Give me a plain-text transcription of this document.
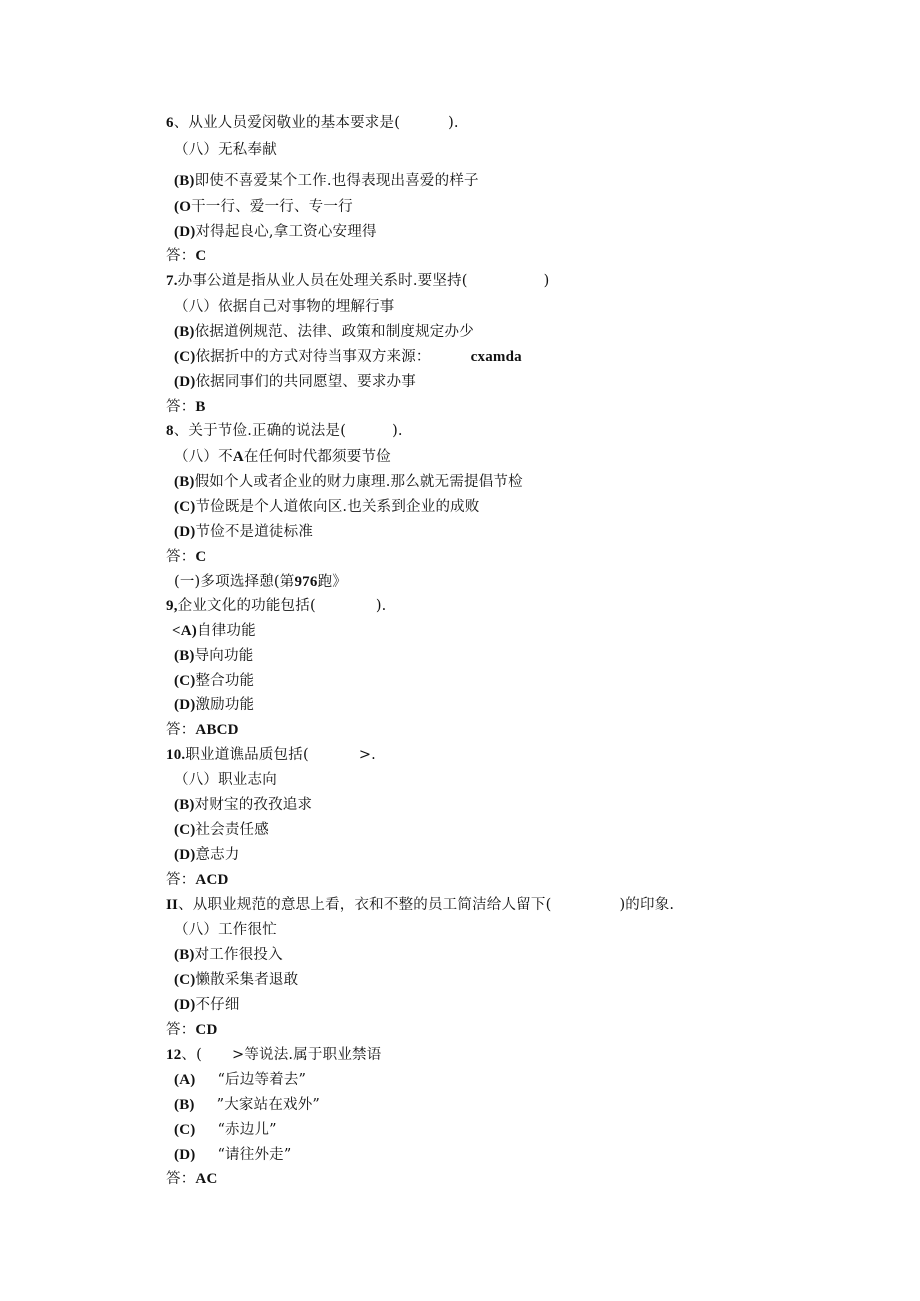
6、从业人员爱闵敬业的基本要求是(	).
（八）无私奉献
(B)即使不喜爱某个工作.也得表现出喜爱的样子
(O干一行、爱一行、专一行
(D)对得起良心,拿工资心安理得
答：C
7.办事公道是指从业人员在处理关系时.要坚持(	)
（八）依据自己对事物的埋解行事
(B)依据道例规范、法律、政策和制度规定办少
(C)依据折中的方式对待当事双方来源：	cxamda
(D)依据同事们的共同愿望、要求办事
答：B
8、关于节俭.正确的说法是(	).
（八）不A在任何时代都须要节俭
(B)假如个人或者企业的财力康理.那么就无需提倡节检
(C)节俭既是个人道侬向区.也关系到企业的成败
(D)节俭不是道徒标准
答：C
(一)多项选择憩(第976跑》
9,企业文化的功能包括(	).
<A)自律功能
(B)导向功能
(C)整合功能
(D)激励功能
答：ABCD
10.职业道谯品质包括(	>.
（八）职业志向
(B)对财宝的孜孜追求
(C)社会责任感
(D)意志力
答：ACD
II、从职业规范的意思上看，衣和不整的员工简洁给人留下(	)的印象.
（八）工作很忙
(B)对工作很投入
(C)懒散采集者退敢
(D)不仔细
答：CD
12、( >等说法.属于职业禁语
(A) “后边等着去”
(B) ”大家站在戏外”
(C) “赤边儿”
(D) “请往外走”
答：AC
